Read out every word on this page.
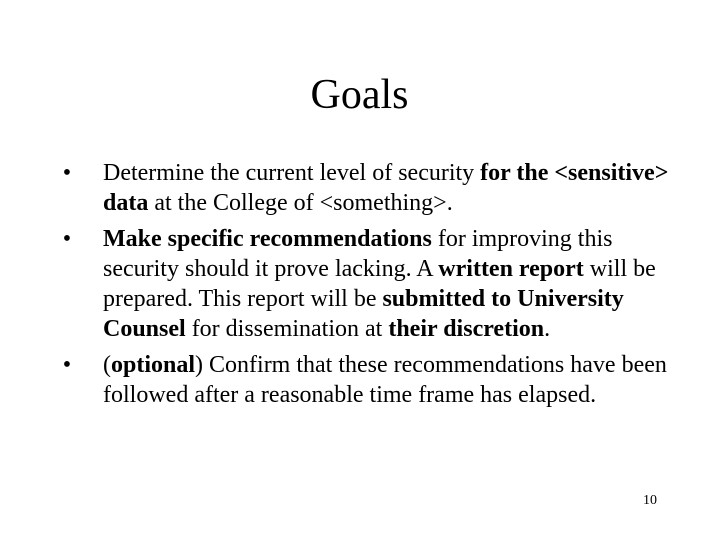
Goals
• Determine the current level of security for the <sensitive> data at the College of <something>.
• Make specific recommendations for improving this security should it prove lacking. A written report will be prepared. This report will be submitted to University Counsel for dissemination at their discretion.
• (optional) Confirm that these recommendations have been followed after a reasonable time frame has elapsed.
10
